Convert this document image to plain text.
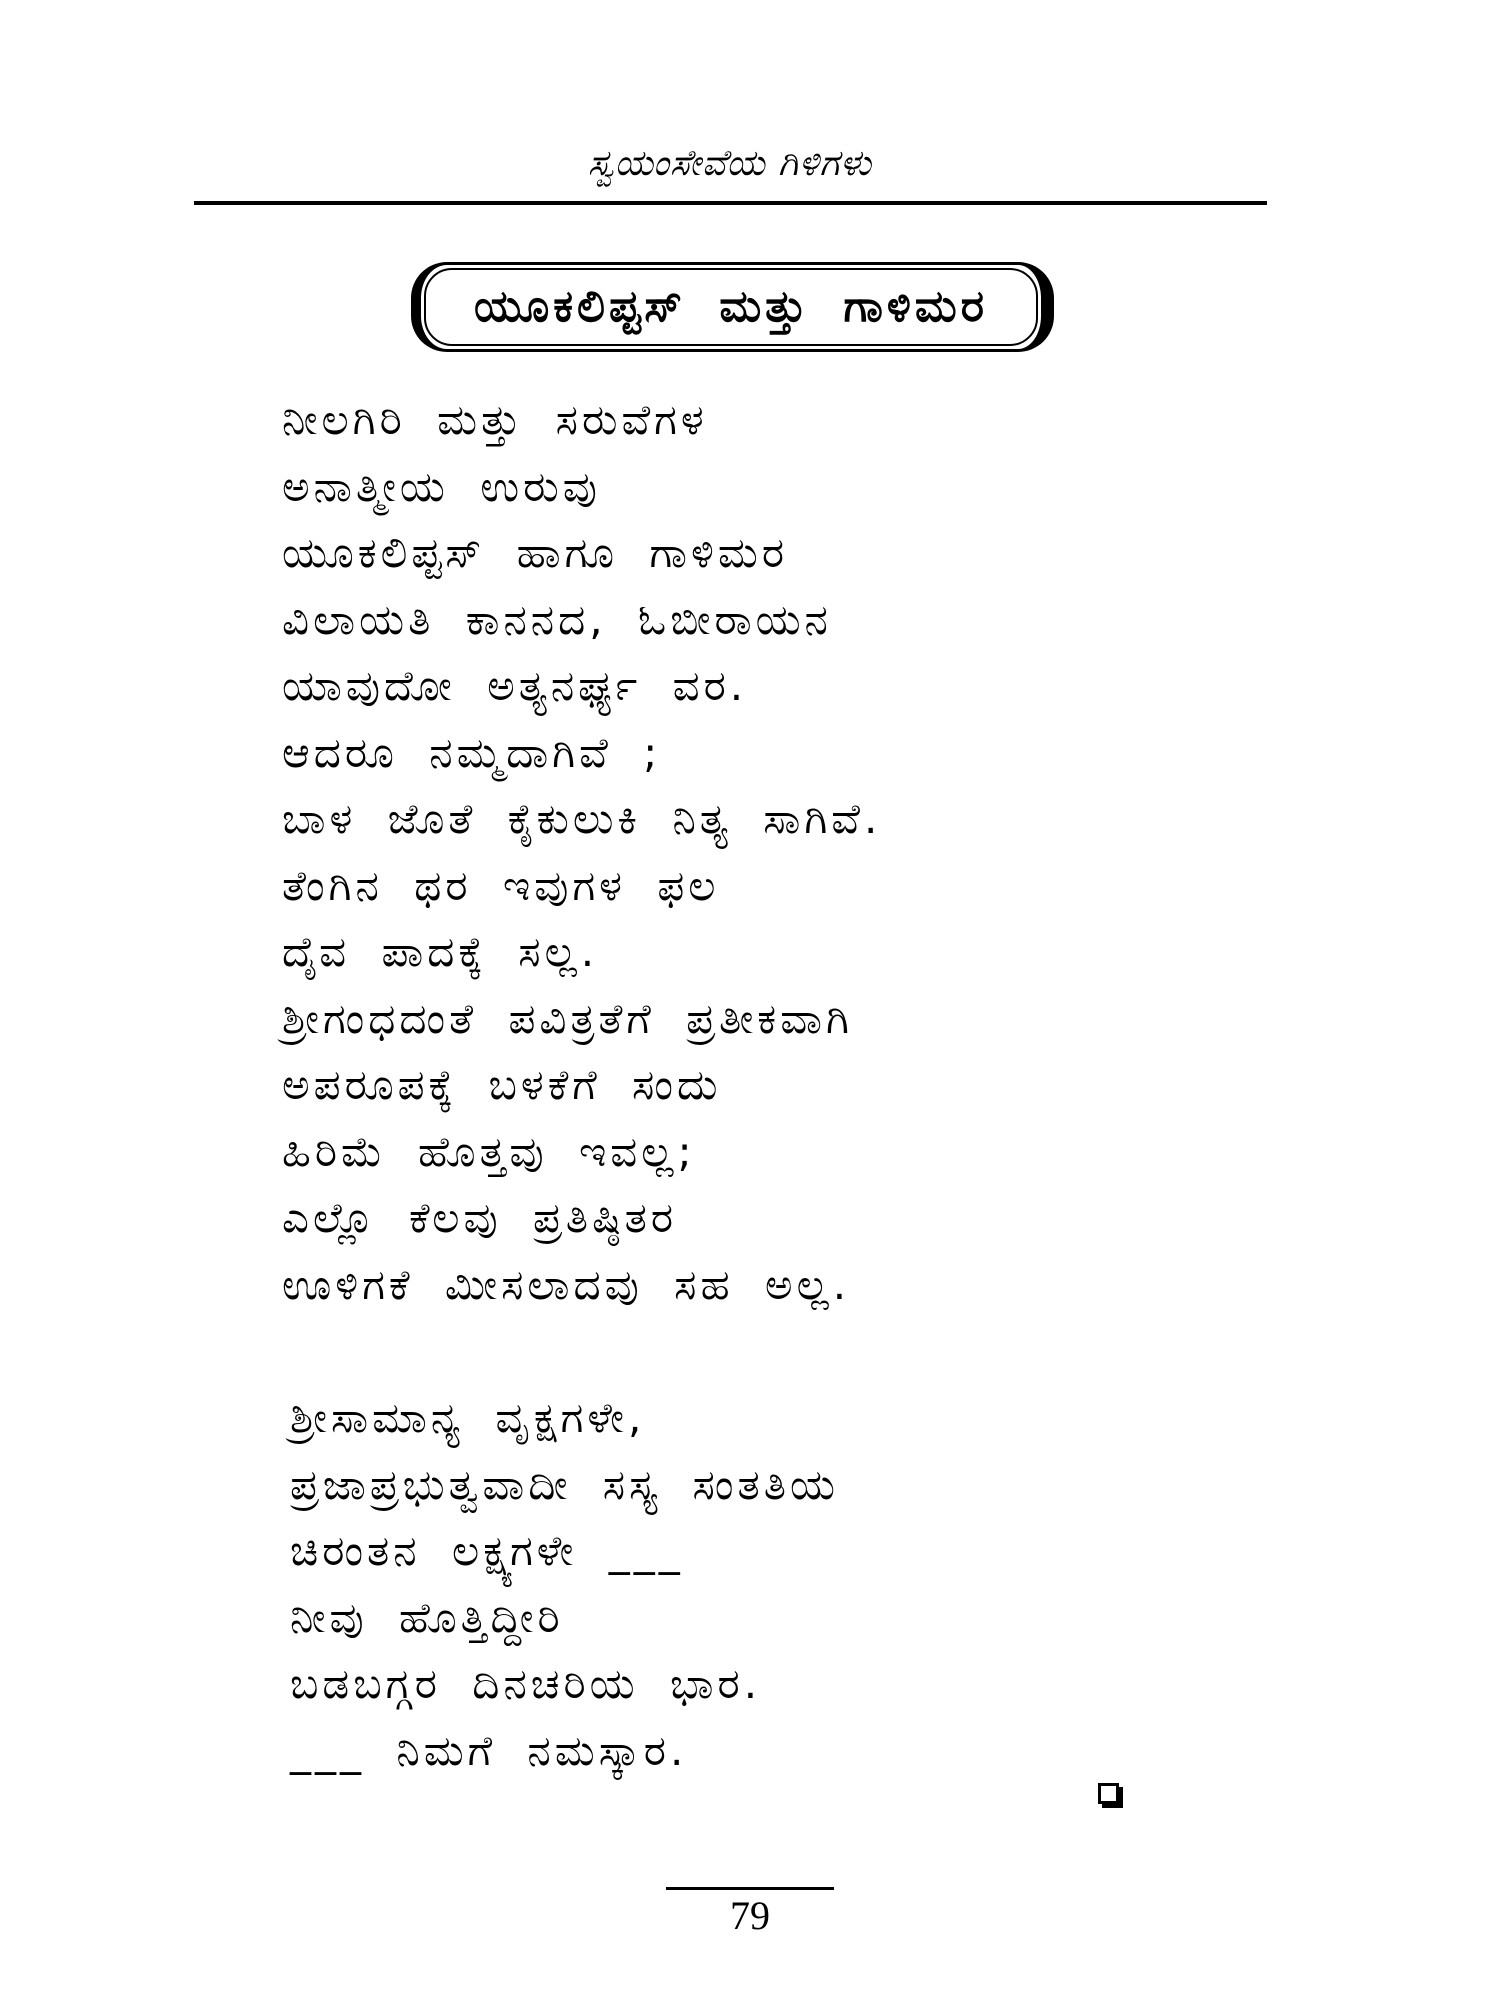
ಸ್ವಯಂಸೇವೆಯ ಗಿಳಿಗಳು
ಯೂಕಲಿಪ್ಟಸ್ ಮತ್ತು ಗಾಳಿಮರ
ನೀಲಗಿರಿ ಮತ್ತು ಸರುವೆಗಳ
ಅನಾತ್ಮೀಯ ಉರುವು
ಯೂಕಲಿಪ್ಟಸ್ ಹಾಗೂ ಗಾಳಿಮರ
ವಿಲಾಯತಿ ಕಾನನದ, ಓಬೀರಾಯನ
ಯಾವುದೋ ಅತ್ಯನರ್ಘ್ಯ ವರ.
ಆದರೂ ನಮ್ಮದಾಗಿವೆ ;
ಬಾಳ ಜೊತೆ ಕೈಕುಲುಕಿ ನಿತ್ಯ ಸಾಗಿವೆ.
ತೆಂಗಿನ ಥರ ಇವುಗಳ ಫಲ
ದೈವ ಪಾದಕ್ಕೆ ಸಲ್ಲ.
ಶ್ರೀಗಂಧದಂತೆ ಪವಿತ್ರತೆಗೆ ಪ್ರತೀಕವಾಗಿ
ಅಪರೂಪಕ್ಕೆ ಬಳಕೆಗೆ ಸಂದು
ಹಿರಿಮೆ ಹೊತ್ತವು ಇವಲ್ಲ;
ಎಲ್ಲೊ ಕೆಲವು ಪ್ರತಿಷ್ಠಿತರ
ಊಳಿಗಕೆ ಮೀಸಲಾದವು ಸಹ ಅಲ್ಲ.
ಶ್ರೀಸಾಮಾನ್ಯ ವೃಕ್ಷಗಳೇ,
ಪ್ರಜಾಪ್ರಭುತ್ವವಾದೀ ಸಸ್ಯ ಸಂತತಿಯ
ಚಿರಂತನ ಲಕ್ಷ್ಯಗಳೇ ___
ನೀವು ಹೊತ್ತಿದ್ದೀರಿ
ಬಡಬಗ್ಗರ ದಿನಚರಿಯ ಭಾರ.
___ ನಿಮಗೆ ನಮಸ್ಕಾರ.
79
